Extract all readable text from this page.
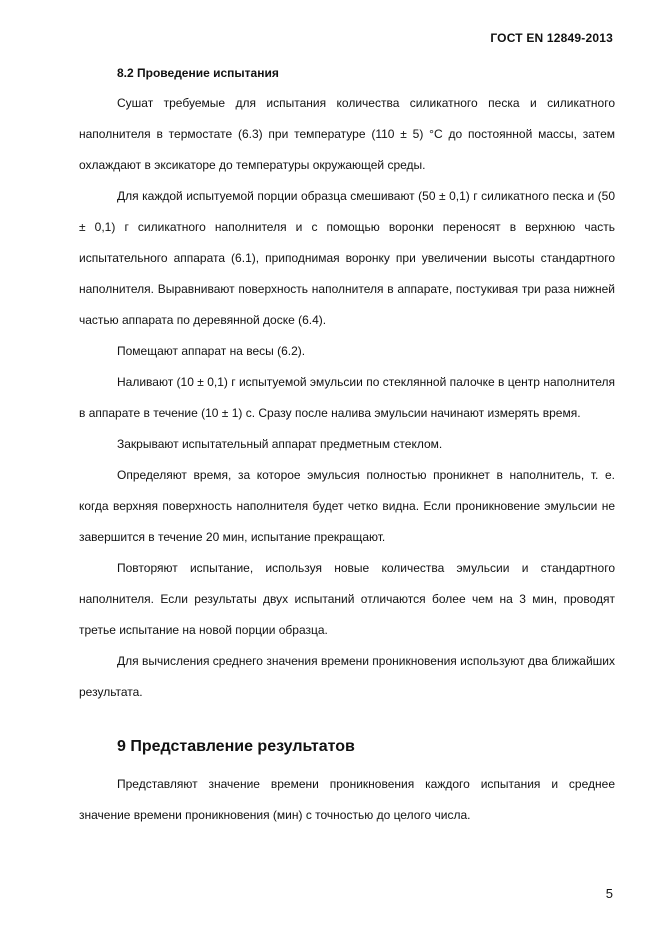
ГОСТ EN 12849-2013
8.2 Проведение испытания

Сушат требуемые для испытания количества силикатного песка и силикатного наполнителя в термостате (6.3) при температуре (110 ± 5) °С до постоянной массы, затем охлаждают в эксикаторе до температуры окружающей среды.

Для каждой испытуемой порции образца смешивают (50 ± 0,1) г силикатного песка и (50 ± 0,1) г силикатного наполнителя и с помощью воронки переносят в верхнюю часть испытательного аппарата (6.1), приподнимая воронку при увеличении высоты стандартного наполнителя. Выравнивают поверхность наполнителя в аппарате, постукивая три раза нижней частью аппарата по деревянной доске (6.4).

Помещают аппарат на весы (6.2).

Наливают (10 ± 0,1) г испытуемой эмульсии по стеклянной палочке в центр наполнителя в аппарате в течение (10 ± 1) с. Сразу после налива эмульсии начинают измерять время.

Закрывают испытательный аппарат предметным стеклом.

Определяют время, за которое эмульсия полностью проникнет в наполнитель, т. е. когда верхняя поверхность наполнителя будет четко видна. Если проникновение эмульсии не завершится в течение 20 мин, испытание прекращают.

Повторяют испытание, используя новые количества эмульсии и стандартного наполнителя. Если результаты двух испытаний отличаются более чем на 3 мин, проводят третье испытание на новой порции образца.

Для вычисления среднего значения времени проникновения используют два ближайших результата.

9 Представление результатов

Представляют значение времени проникновения каждого испытания и среднее значение времени проникновения (мин) с точностью до целого числа.

5
